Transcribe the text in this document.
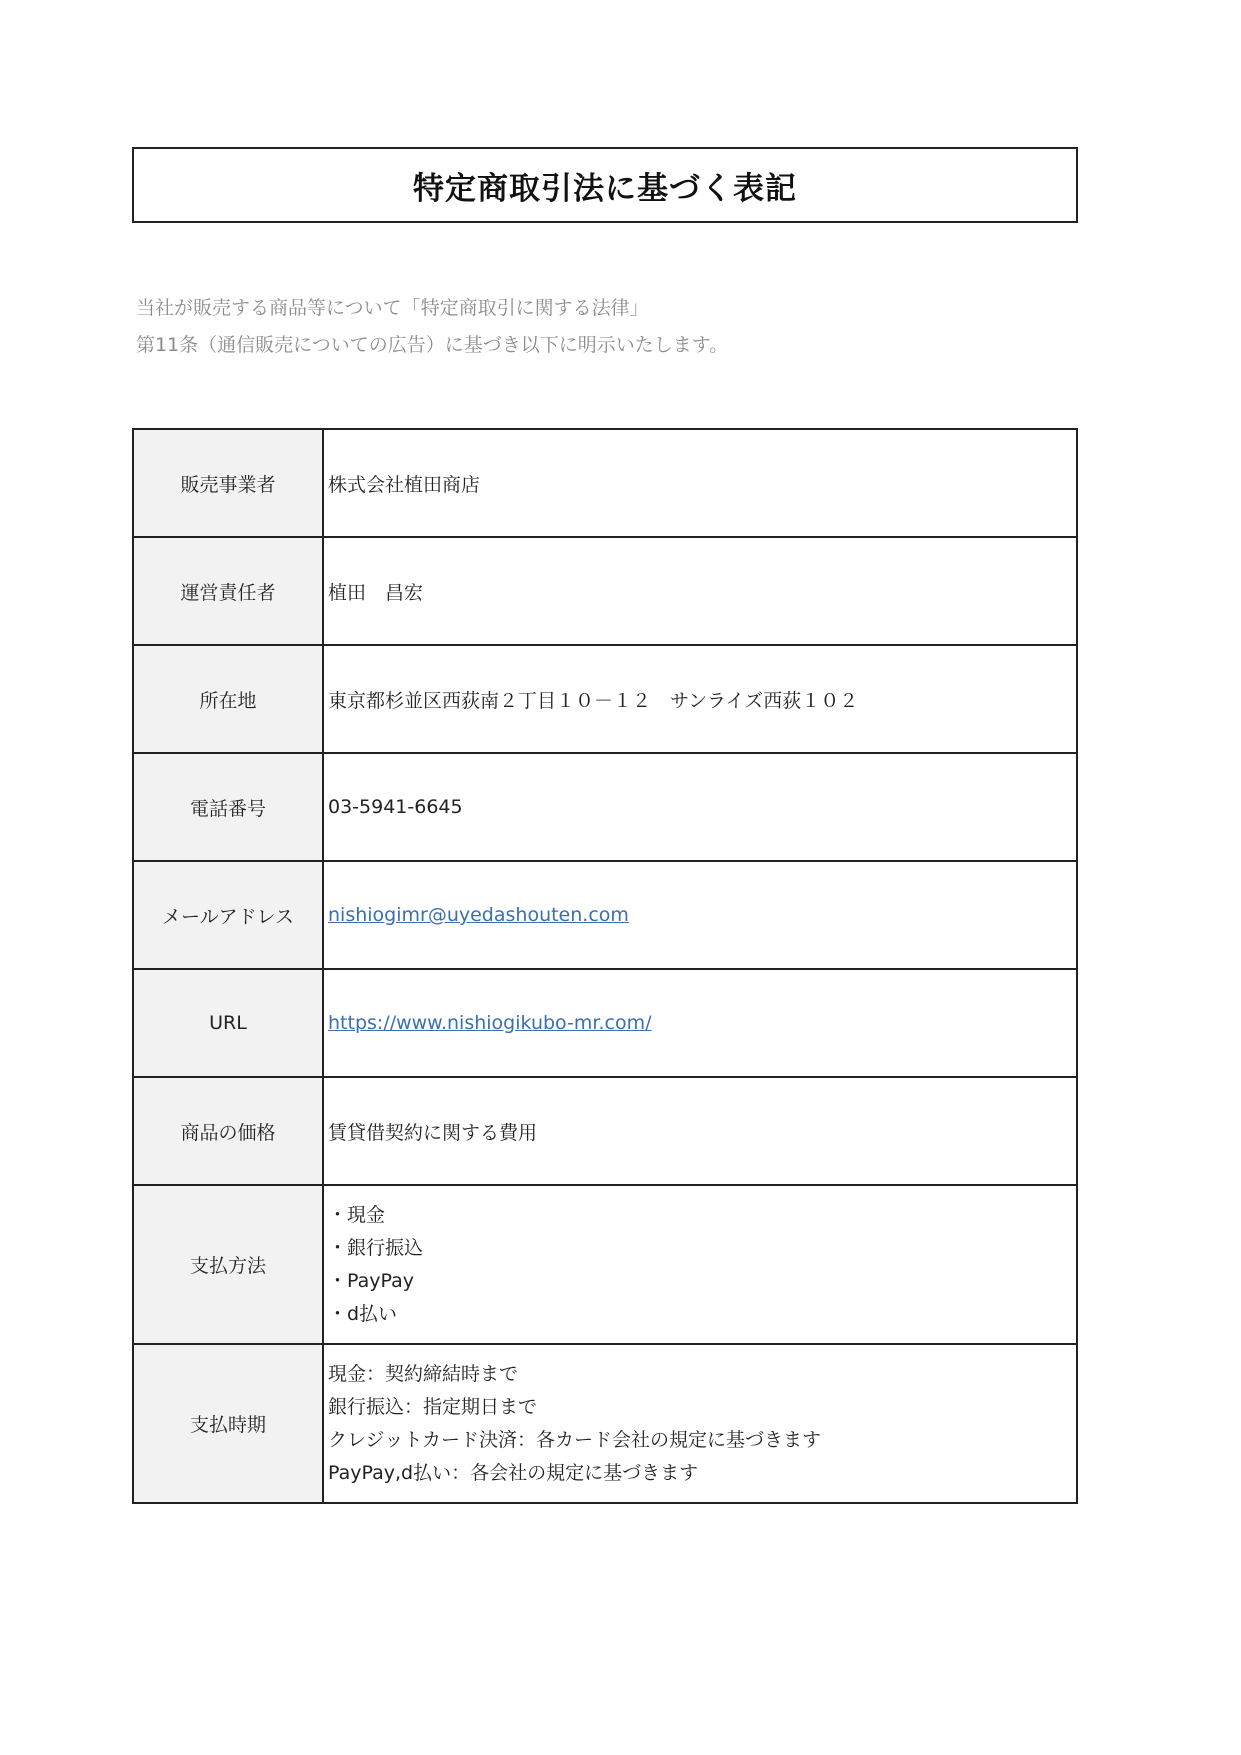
特定商取引法に基づく表記

当社が販売する商品等について「特定商取引に関する法律」

第11条（通信販売についての広告）に基づき以下に明示いたします。

販売事業者	株式会社植田商店
運営責任者	植田　昌宏
所在地	東京都杉並区西荻南２丁目１０－１２　サンライズ西荻１０２
電話番号	03-5941-6645
メールアドレス	nishiogimr@uyedashouten.com
URL	https://www.nishiogikubo-mr.com/
商品の価格	賃貸借契約に関する費用
支払方法	・現金
・銀行振込
・PayPay
・d払い

支払時期	現金：契約締結時まで
銀行振込：指定期日まで
クレジットカード決済：各カード会社の規定に基づきます
PayPay,d払い：各会社の規定に基づきます
